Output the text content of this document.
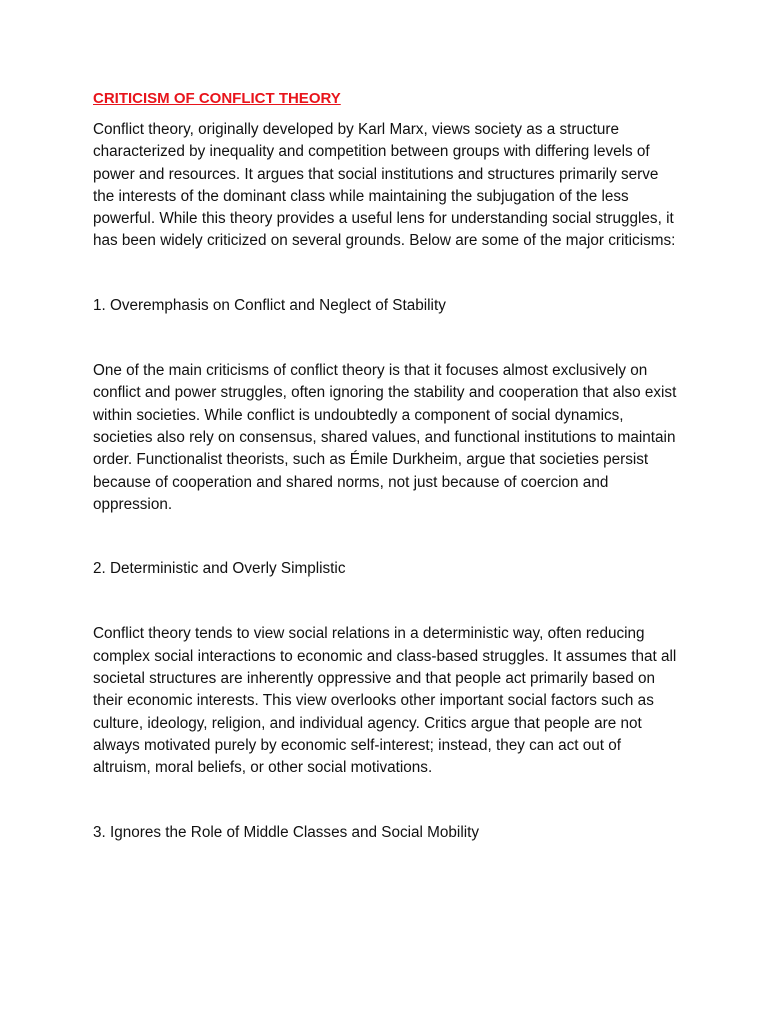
CRITICISM OF CONFLICT THEORY

Conflict theory, originally developed by Karl Marx, views society as a structure characterized by inequality and competition between groups with differing levels of power and resources. It argues that social institutions and structures primarily serve the interests of the dominant class while maintaining the subjugation of the less powerful. While this theory provides a useful lens for understanding social struggles, it has been widely criticized on several grounds. Below are some of the major criticisms:

1. Overemphasis on Conflict and Neglect of Stability

One of the main criticisms of conflict theory is that it focuses almost exclusively on conflict and power struggles, often ignoring the stability and cooperation that also exist within societies. While conflict is undoubtedly a component of social dynamics, societies also rely on consensus, shared values, and functional institutions to maintain order. Functionalist theorists, such as Émile Durkheim, argue that societies persist because of cooperation and shared norms, not just because of coercion and oppression.

2. Deterministic and Overly Simplistic

Conflict theory tends to view social relations in a deterministic way, often reducing complex social interactions to economic and class-based struggles. It assumes that all societal structures are inherently oppressive and that people act primarily based on their economic interests. This view overlooks other important social factors such as culture, ideology, religion, and individual agency. Critics argue that people are not always motivated purely by economic self-interest; instead, they can act out of altruism, moral beliefs, or other social motivations.

3. Ignores the Role of Middle Classes and Social Mobility
